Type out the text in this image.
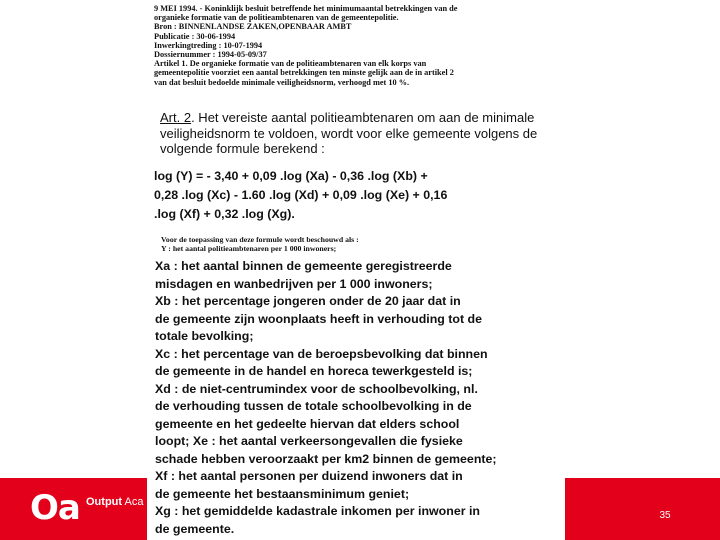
Oa Output Aca
35
9 MEI 1994. - Koninklijk besluit betreffende het minimumaantal betrekkingen van de
organieke formatie van de politieambtenaren van de gemeentepolitie.
Bron : BINNENLANDSE ZAKEN,OPENBAAR AMBT
Publicatie : 30-06-1994
Inwerkingtreding : 10-07-1994
Dossiernummer : 1994-05-09/37
Artikel 1. De organieke formatie van de politieambtenaren van elk korps van
gemeentepolitie voorziet een aantal betrekkingen ten minste gelijk aan de in artikel 2
van dat besluit bedoelde minimale veiligheidsnorm, verhoogd met 10 %.
Art. 2. Het vereiste aantal politieambtenaren om aan de minimale
veiligheidsnorm te voldoen, wordt voor elke gemeente volgens de
volgende formule berekend :
log (Y) = - 3,40 + 0,09 .log (Xa) - 0,36 .log (Xb) +
0,28 .log (Xc) - 1.60 .log (Xd) + 0,09 .log (Xe) + 0,16
.log (Xf) + 0,32 .log (Xg).
Voor de toepassing van deze formule wordt beschouwd als :
Y : het aantal politieambtenaren per 1 000 inwoners;
Xa : het aantal binnen de gemeente geregistreerde
misdagen en wanbedrijven per 1 000 inwoners;
Xb : het percentage jongeren onder de 20 jaar dat in
de gemeente zijn woonplaats heeft in verhouding tot de
totale bevolking;
Xc : het percentage van de beroepsbevolking dat binnen
de gemeente in de handel en horeca tewerkgesteld is;
Xd : de niet-centrumindex voor de schoolbevolking, nl.
de verhouding tussen de totale schoolbevolking in de
gemeente en het gedeelte hiervan dat elders school
loopt; Xe : het aantal verkeersongevallen die fysieke
schade hebben veroorzaakt per km2 binnen de gemeente;
Xf : het aantal personen per duizend inwoners dat in
de gemeente het bestaansminimum geniet;
Xg : het gemiddelde kadastrale inkomen per inwoner in
de gemeente.
